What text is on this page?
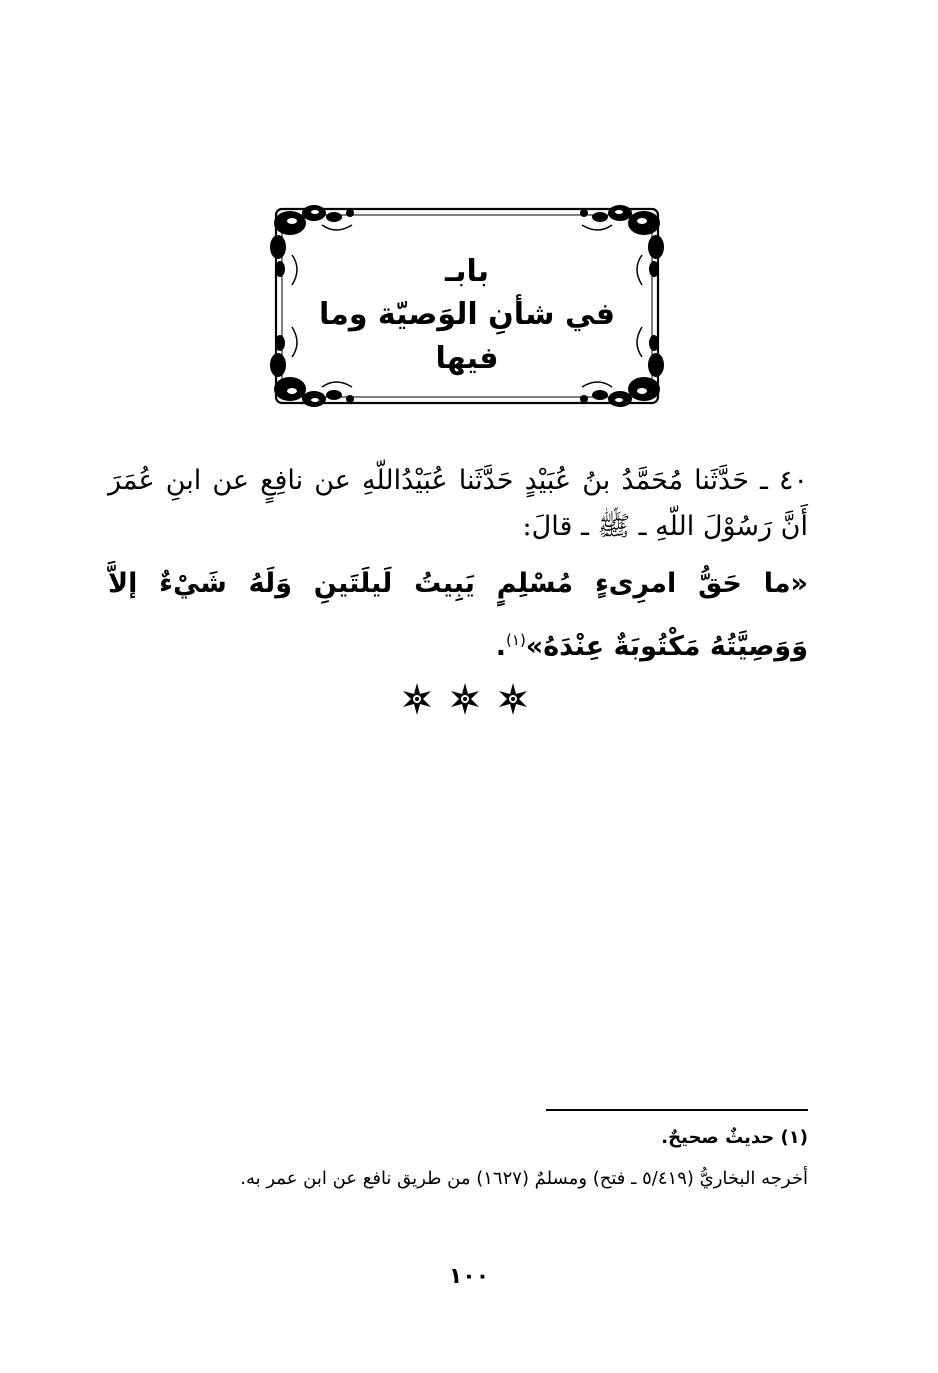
بابـ
في شأنِ الوَصيّة وما فيها
٤٠ ـ حَدَّثَنا مُحَمَّدُ بنُ عُبَيْدٍ حَدَّثَنا عُبَيْدُاللّهِ عن نافِعٍ عن ابنِ عُمَرَ أَنَّ رَسُوْلَ اللّهِ ـ ﷺ ـ قالَ:
«ما حَقُّ امرِىءٍ مُسْلِمٍ يَبِيتُ لَيلَتَينِ وَلَهُ شَيْءٌ إلاَّ وَوَصِيَّتُهُ مَكْتُوبَةٌ عِنْدَهُ»$^{(١)}$.
(١) حديثٌ صحيحٌ.
أخرجه البخاريُّ (٥/٤١٩ ـ فتح) ومسلمٌ (١٦٢٧) من طريق نافع عن ابن عمر به.
١٠٠
